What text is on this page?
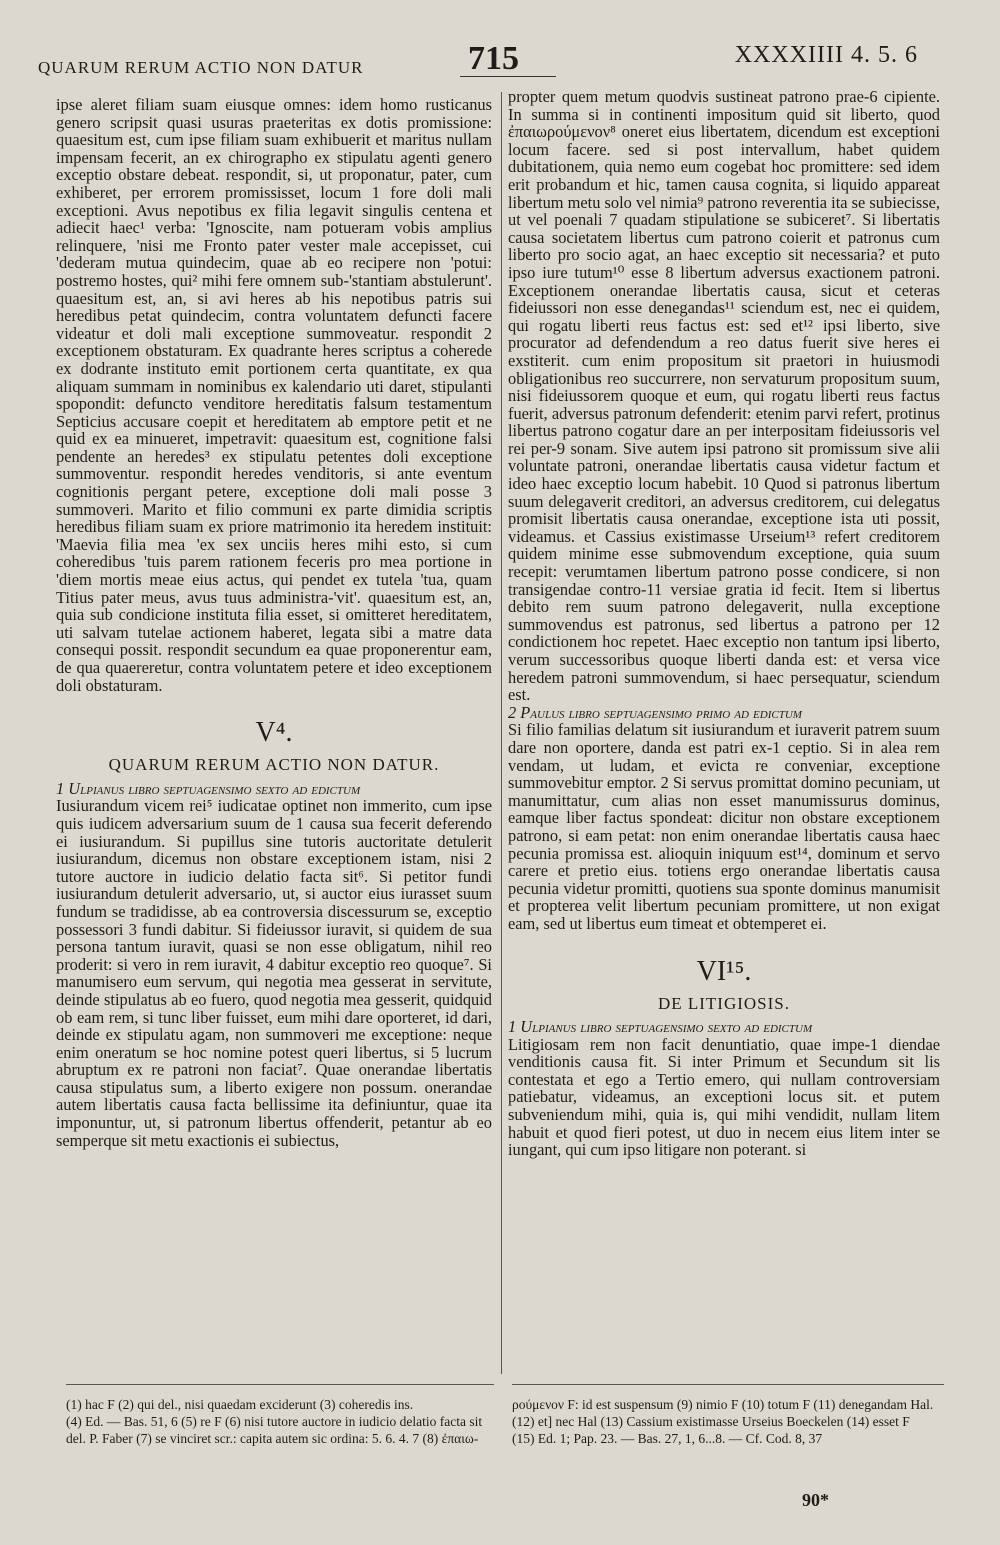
QUARUM RERUM ACTIO NON DATUR	715	XXXXIIII 4. 5. 6

ipse aleret filiam suam eiusque omnes: idem homo rusticanus genero scripsit quasi usuras praeteritas ex dotis promissione: quaesitum est, cum ipse filiam suam exhibuerit et maritus nullam impensam fecerit, an ex chirographo ex stipulatu agenti genero exceptio obstare debeat. respondit, si, ut proponatur, pater, cum exhiberet, per errorem promississet, locum 1 fore doli mali exceptioni. Avus nepotibus ex filia legavit singulis centena et adiecit haec¹ verba: 'Ignoscite, nam potueram vobis amplius relinquere, 'nisi me Fronto pater vester male accepisset, cui 'dederam mutua quindecim, quae ab eo recipere non 'potui: postremo hostes, qui² mihi fere omnem sub-'stantiam abstulerunt'. quaesitum est, an, si avi heres ab his nepotibus patris sui heredibus petat quindecim, contra voluntatem defuncti facere videatur et doli mali exceptione summoveatur. respondit 2 exceptionem obstaturam. Ex quadrante heres scriptus a coherede ex dodrante instituto emit portionem certa quantitate, ex qua aliquam summam in nominibus ex kalendario uti daret, stipulanti spopondit: defuncto venditore hereditatis falsum testamentum Septicius accusare coepit et hereditatem ab emptore petit et ne quid ex ea minueret, impetravit: quaesitum est, cognitione falsi pendente an heredes³ ex stipulatu petentes doli exceptione summoventur. respondit heredes venditoris, si ante eventum cognitionis pergant petere, exceptione doli mali posse 3 summoveri. Marito et filio communi ex parte dimidia scriptis heredibus filiam suam ex priore matrimonio ita heredem instituit: 'Maevia filia mea 'ex sex unciis heres mihi esto, si cum coheredibus 'tuis parem rationem feceris pro mea portione in 'diem mortis meae eius actus, qui pendet ex tutela 'tua, quam Titius pater meus, avus tuus administra-'vit'. quaesitum est, an, quia sub condicione instituta filia esset, si omitteret hereditatem, uti salvam tutelae actionem haberet, legata sibi a matre data consequi possit. respondit secundum ea quae proponerentur eam, de qua quaereretur, contra voluntatem petere et ideo exceptionem doli obstaturam.

V⁴.
QUARUM RERUM ACTIO NON DATUR.

1 Ulpianus libro septuagensimo sexto ad edictum

Iusiurandum vicem rei⁵ iudicatae optinet non immerito, cum ipse quis iudicem adversarium suum de 1 causa sua fecerit deferendo ei iusiurandum. Si pupillus sine tutoris auctoritate detulerit iusiurandum, dicemus non obstare exceptionem istam, nisi 2 tutore auctore in iudicio delatio facta sit⁶. Si petitor fundi iusiurandum detulerit adversario, ut, si auctor eius iurasset suum fundum se tradidisse, ab ea controversia discessurum se, exceptio possessori 3 fundi dabitur. Si fideiussor iuravit, si quidem de sua persona tantum iuravit, quasi se non esse obligatum, nihil reo proderit: si vero in rem iuravit, 4 dabitur exceptio reo quoque⁷. Si manumisero eum servum, qui negotia mea gesserat in servitute, deinde stipulatus ab eo fuero, quod negotia mea gesserit, quidquid ob eam rem, si tunc liber fuisset, eum mihi dare oporteret, id dari, deinde ex stipulatu agam, non summoveri me exceptione: neque enim oneratum se hoc nomine potest queri libertus, si 5 lucrum abruptum ex re patroni non faciat⁷. Quae onerandae libertatis causa stipulatus sum, a liberto exigere non possum. onerandae autem libertatis causa facta bellissime ita definiuntur, quae ita imponuntur, ut, si patronum libertus offenderit, petantur ab eo semperque sit metu exactionis ei subiectus,

propter quem metum quodvis sustineat patrono prae-6 cipiente. In summa si in continenti impositum quid sit liberto, quod ἐπαιωρούμενον⁸ oneret eius libertatem, dicendum est exceptioni locum facere. sed si post intervallum, habet quidem dubitationem, quia nemo eum cogebat hoc promittere: sed idem erit probandum et hic, tamen causa cognita, si liquido appareat libertum metu solo vel nimia⁹ patrono reverentia ita se subiecisse, ut vel poenali 7 quadam stipulatione se subiceret⁷. Si libertatis causa societatem libertus cum patrono coierit et patronus cum liberto pro socio agat, an haec exceptio sit necessaria? et puto ipso iure tutum¹⁰ esse 8 libertum adversus exactionem patroni. Exceptionem onerandae libertatis causa, sicut et ceteras fideiussori non esse denegandas¹¹ sciendum est, nec ei quidem, qui rogatu liberti reus factus est: sed et¹² ipsi liberto, sive procurator ad defendendum a reo datus fuerit sive heres ei exstiterit. cum enim propositum sit praetori in huiusmodi obligationibus reo succurrere, non servaturum propositum suum, nisi fideiussorem quoque et eum, qui rogatu liberti reus factus fuerit, adversus patronum defenderit: etenim parvi refert, protinus libertus patrono cogatur dare an per interpositam fideiussoris vel rei per-9 sonam. Sive autem ipsi patrono sit promissum sive alii voluntate patroni, onerandae libertatis causa videtur factum et ideo haec exceptio locum habebit. 10 Quod si patronus libertum suum delegaverit creditori, an adversus creditorem, cui delegatus promisit libertatis causa onerandae, exceptione ista uti possit, videamus. et Cassius existimasse Urseium¹³ refert creditorem quidem minime esse submovendum exceptione, quia suum recepit: verumtamen libertum patrono posse condicere, si non transigendae contro-11 versiae gratia id fecit. Item si libertus debito rem suum patrono delegaverit, nulla exceptione summovendus est patronus, sed libertus a patrono per 12 condictionem hoc repetet. Haec exceptio non tantum ipsi liberto, verum successoribus quoque liberti danda est: et versa vice heredem patroni summovendum, si haec persequatur, sciendum est.

2 Paulus libro septuagensimo primo ad edictum

Si filio familias delatum sit iusiurandum et iuraverit patrem suum dare non oportere, danda est patri ex-1 ceptio. Si in alea rem vendam, ut ludam, et evicta re conveniar, exceptione summovebitur emptor. 2 Si servus promittat domino pecuniam, ut manumittatur, cum alias non esset manumissurus dominus, eamque liber factus spondeat: dicitur non obstare exceptionem patrono, si eam petat: non enim onerandae libertatis causa haec pecunia promissa est. alioquin iniquum est¹⁴, dominum et servo carere et pretio eius. totiens ergo onerandae libertatis causa pecunia videtur promitti, quotiens sua sponte dominus manumisit et propterea velit libertum pecuniam promittere, ut non exigat eam, sed ut libertus eum timeat et obtemperet ei.

VI¹⁵.
DE LITIGIOSIS.

1 Ulpianus libro septuagensimo sexto ad edictum

Litigiosam rem non facit denuntiatio, quae impe-1 diendae venditionis causa fit. Si inter Primum et Secundum sit lis contestata et ego a Tertio emero, qui nullam controversiam patiebatur, videamus, an exceptioni locus sit. et putem subveniendum mihi, quia is, qui mihi vendidit, nullam litem habuit et quod fieri potest, ut duo in necem eius litem inter se iungant, qui cum ipso litigare non poterant. si

(1) hac F (2) qui del., nisi quaedam exciderunt (3) coheredis ins.
(4) Ed. — Bas. 51, 6 (5) re F (6) nisi tutore auctore in iudicio delatio facta sit del. P. Faber (7) se vinciret scr.: capita autem sic ordina: 5. 6. 4. 7 (8) ἐπαιω-
ρούμενον F: id est suspensum (9) nimio F (10) totum F (11) denegandam Hal. (12) et] nec Hal (13) Cassium existimasse Urseius Boeckelen (14) esset F
(15) Ed. 1; Pap. 23. — Bas. 27, 1, 6...8. — Cf. Cod. 8, 37
90*
